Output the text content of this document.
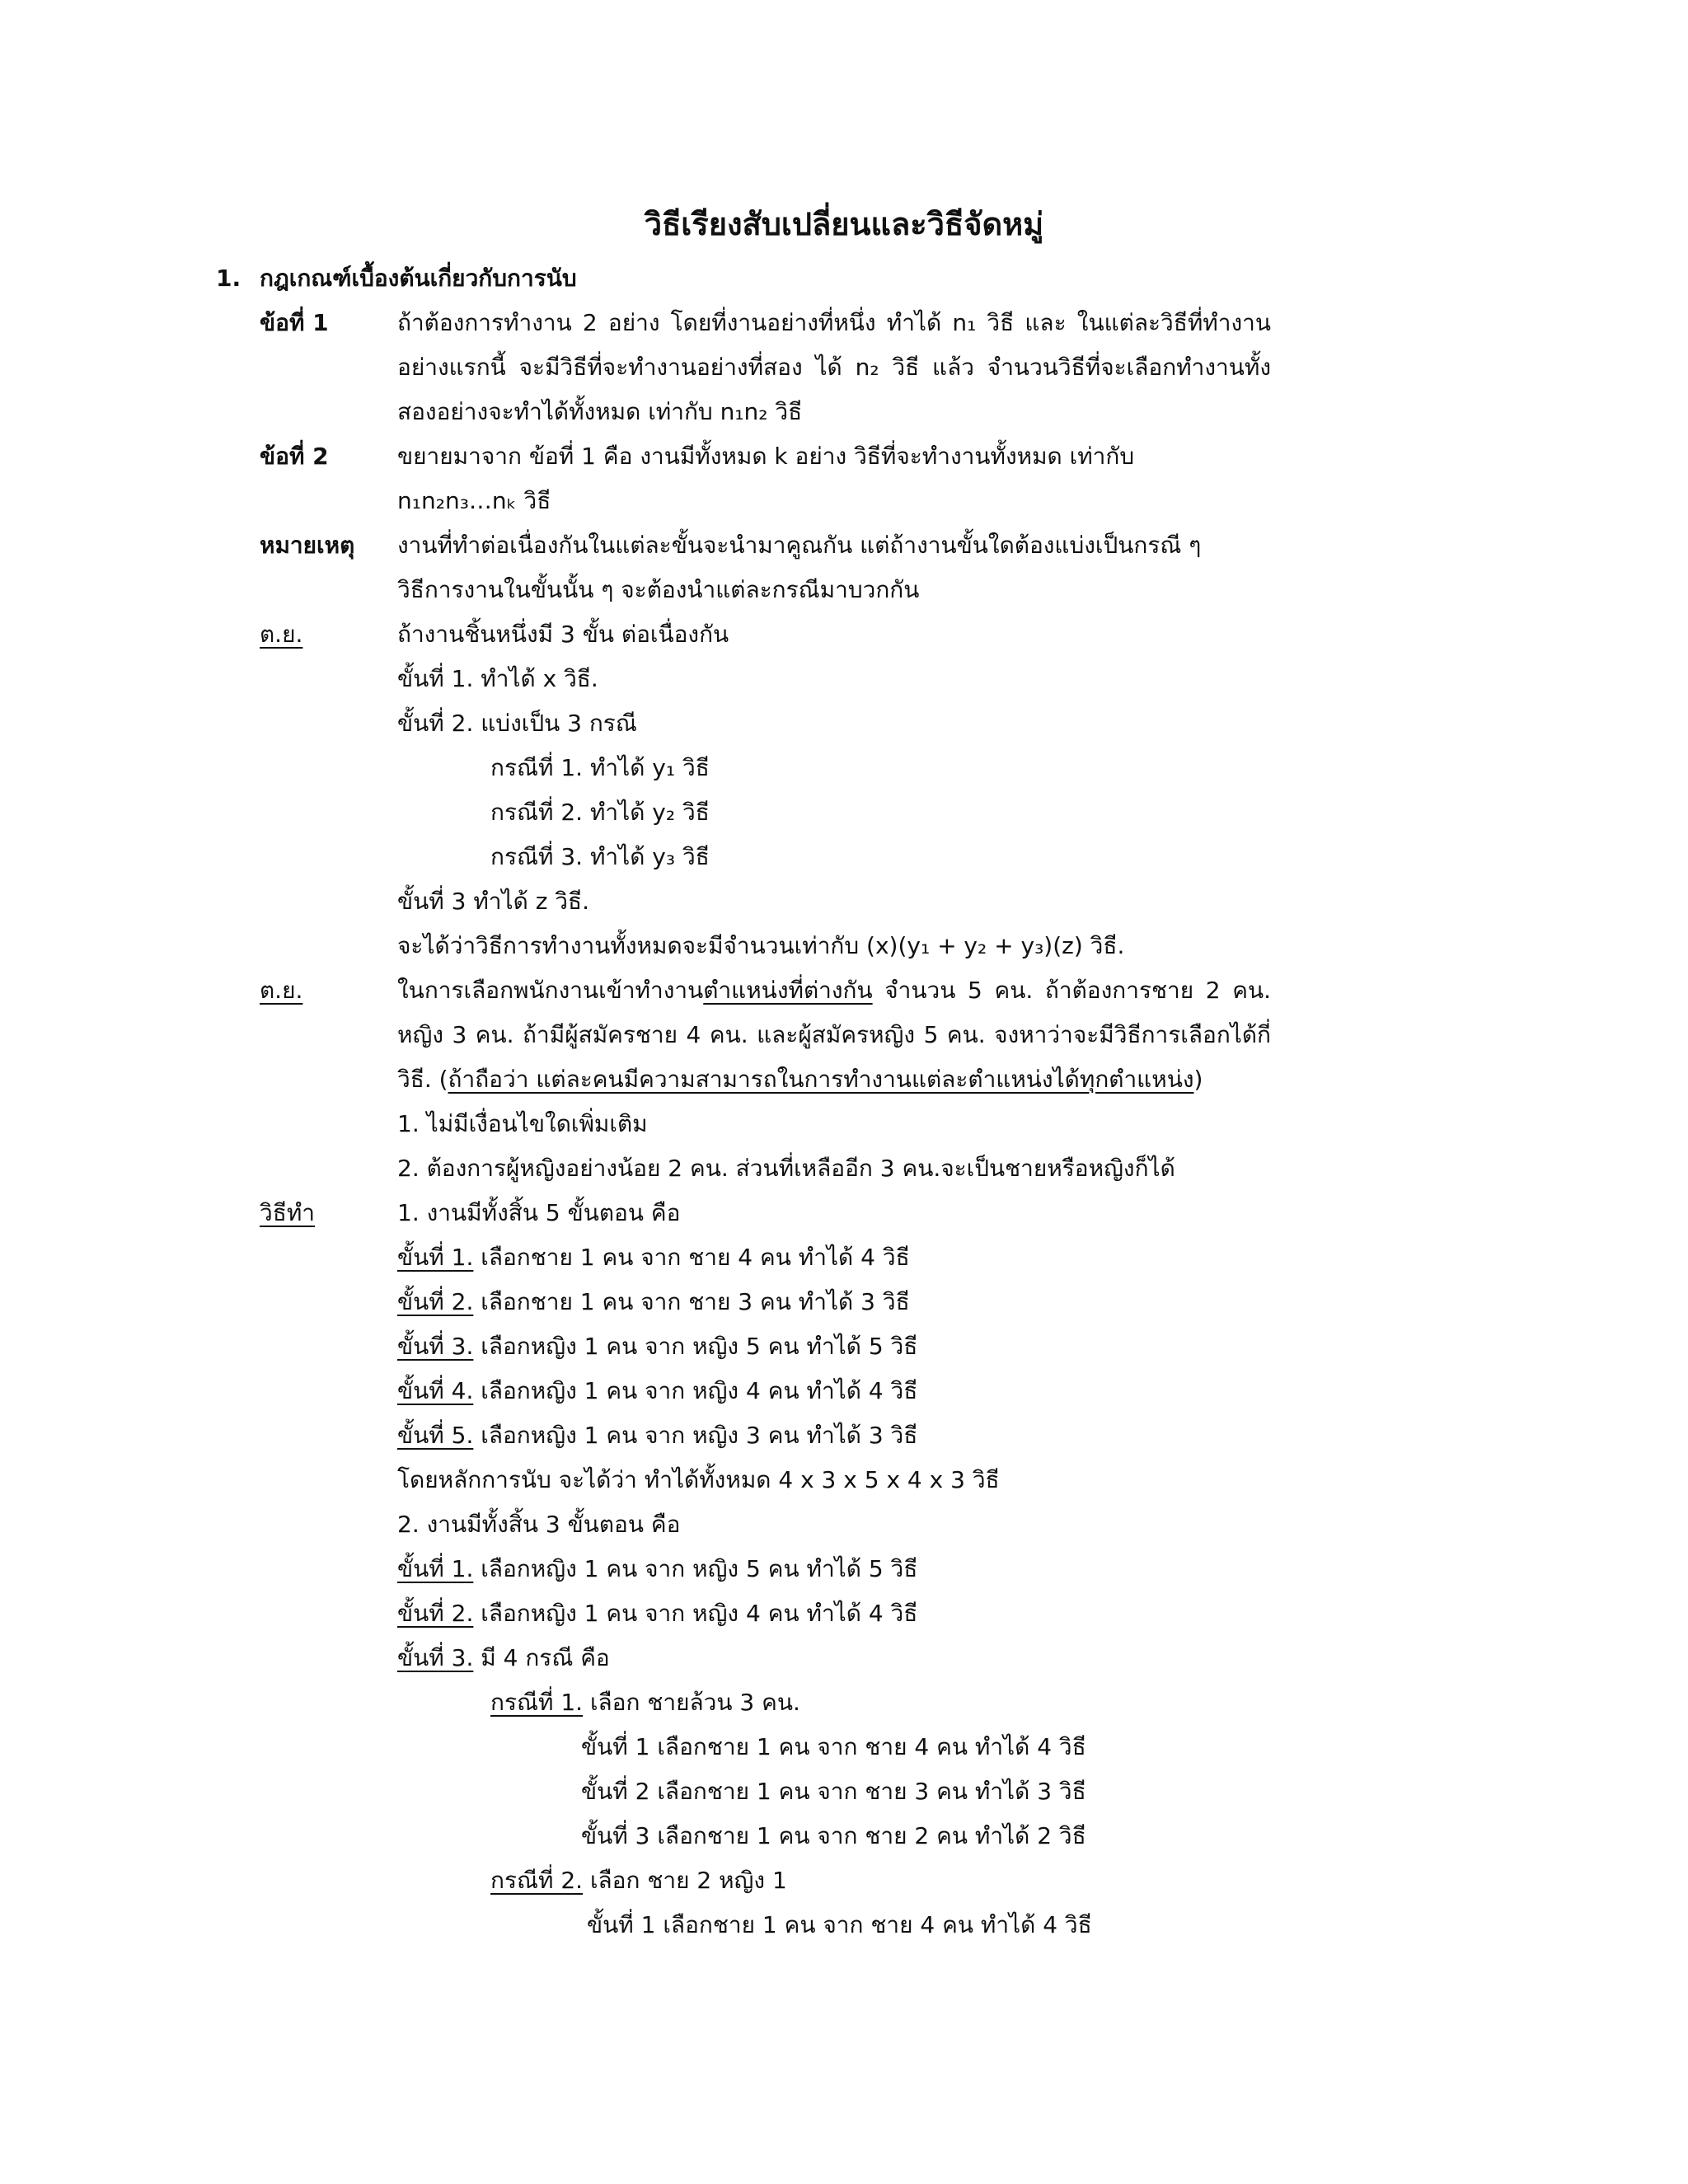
วิธีเรียงสับเปลี่ยนและวิธีจัดหมู่
1. กฎเกณฑ์เบื้องต้นเกี่ยวกับการนับ
ข้อที่ 1	ถ้าต้องการทำงาน 2 อย่าง โดยที่งานอย่างที่หนึ่ง ทำได้ n₁ วิธี และ ในแต่ละวิธีที่ทำงาน
อย่างแรกนี้ จะมีวิธีที่จะทำงานอย่างที่สอง ได้ n₂ วิธี แล้ว จำนวนวิธีที่จะเลือกทำงานทั้ง
สองอย่างจะทำได้ทั้งหมด เท่ากับ n₁n₂ วิธี
ข้อที่ 2	ขยายมาจาก ข้อที่ 1 คือ งานมีทั้งหมด k อย่าง วิธีที่จะทำงานทั้งหมด เท่ากับ
n₁n₂n₃…nₖ วิธี
หมายเหตุ งานที่ทำต่อเนื่องกันในแต่ละขั้นจะนำมาคูณกัน แต่ถ้างานขั้นใดต้องแบ่งเป็นกรณี ๆ
วิธีการงานในขั้นนั้น ๆ จะต้องนำแต่ละกรณีมาบวกกัน
ต.ย.	ถ้างานชิ้นหนึ่งมี 3 ขั้น ต่อเนื่องกัน
ขั้นที่ 1. ทำได้ x วิธี.
ขั้นที่ 2. แบ่งเป็น 3 กรณี
กรณีที่ 1. ทำได้ y₁ วิธี
กรณีที่ 2. ทำได้ y₂ วิธี
กรณีที่ 3. ทำได้ y₃ วิธี
ขั้นที่ 3 ทำได้ z วิธี.
จะได้ว่าวิธีการทำงานทั้งหมดจะมีจำนวนเท่ากับ (x)(y₁ + y₂ + y₃)(z) วิธี.
ต.ย.	ในการเลือกพนักงานเข้าทำงานตำแหน่งที่ต่างกัน จำนวน 5 คน. ถ้าต้องการชาย 2 คน.
หญิง 3 คน. ถ้ามีผู้สมัครชาย 4 คน. และผู้สมัครหญิง 5 คน. จงหาว่าจะมีวิธีการเลือกได้กี่
วิธี. (ถ้าถือว่า แต่ละคนมีความสามารถในการทำงานแต่ละตำแหน่งได้ทุกตำแหน่ง)
1. ไม่มีเงื่อนไขใดเพิ่มเติม
2. ต้องการผู้หญิงอย่างน้อย 2 คน. ส่วนที่เหลืออีก 3 คน.จะเป็นชายหรือหญิงก็ได้
วิธีทำ	1. งานมีทั้งสิ้น 5 ขั้นตอน คือ
ขั้นที่ 1. เลือกชาย 1 คน จาก ชาย 4 คน ทำได้ 4 วิธี
ขั้นที่ 2. เลือกชาย 1 คน จาก ชาย 3 คน ทำได้ 3 วิธี
ขั้นที่ 3. เลือกหญิง 1 คน จาก หญิง 5 คน ทำได้ 5 วิธี
ขั้นที่ 4. เลือกหญิง 1 คน จาก หญิง 4 คน ทำได้ 4 วิธี
ขั้นที่ 5. เลือกหญิง 1 คน จาก หญิง 3 คน ทำได้ 3 วิธี
โดยหลักการนับ จะได้ว่า ทำได้ทั้งหมด 4 x 3 x 5 x 4 x 3 วิธี
2. งานมีทั้งสิ้น 3 ขั้นตอน คือ
ขั้นที่ 1. เลือกหญิง 1 คน จาก หญิง 5 คน ทำได้ 5 วิธี
ขั้นที่ 2. เลือกหญิง 1 คน จาก หญิง 4 คน ทำได้ 4 วิธี
ขั้นที่ 3. มี 4 กรณี คือ
กรณีที่ 1. เลือก ชายล้วน 3 คน.
ขั้นที่ 1 เลือกชาย 1 คน จาก ชาย 4 คน ทำได้ 4 วิธี
ขั้นที่ 2 เลือกชาย 1 คน จาก ชาย 3 คน ทำได้ 3 วิธี
ขั้นที่ 3 เลือกชาย 1 คน จาก ชาย 2 คน ทำได้ 2 วิธี
กรณีที่ 2. เลือก ชาย 2 หญิง 1
ขั้นที่ 1 เลือกชาย 1 คน จาก ชาย 4 คน ทำได้ 4 วิธี
